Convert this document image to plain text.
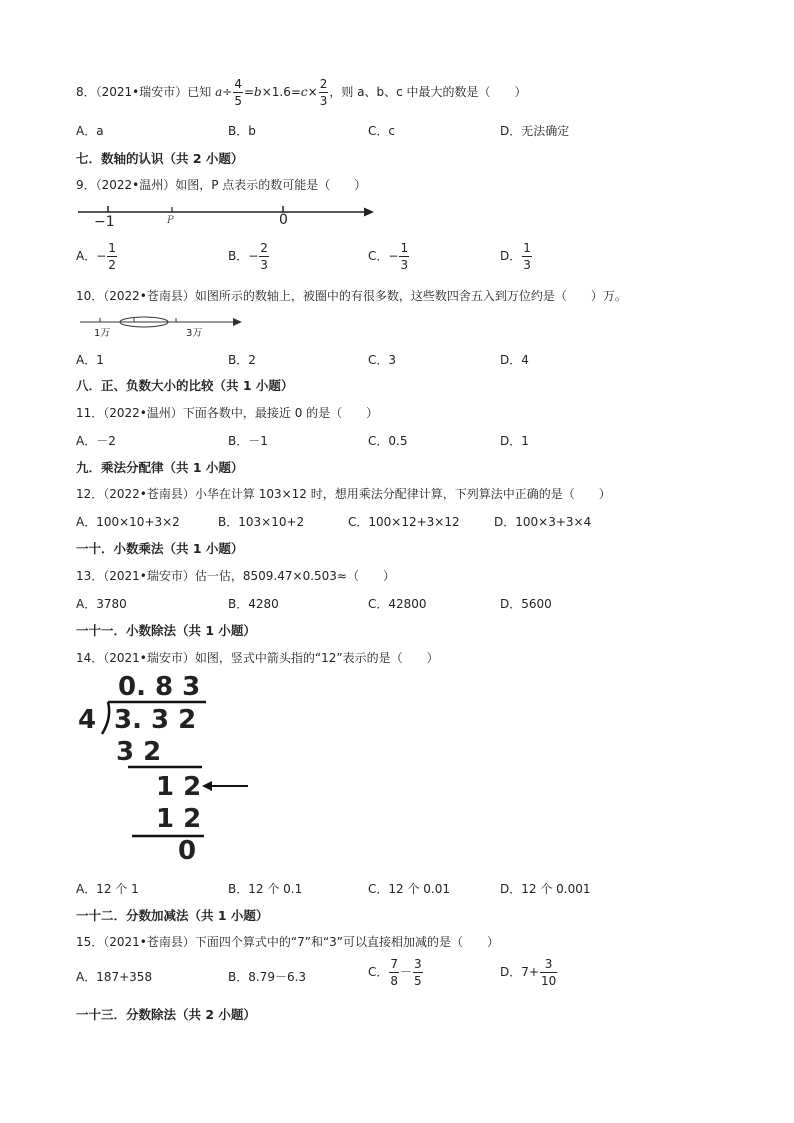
8．（2021•瑞安市）已知 $a\div \frac{4}{5} =b\times 1.6=c\times \frac{2}{3}$ ，则 a、b、c 中最大的数是（　　）
A．a	B．b	C．c	D．无法确定
七．数轴的认识（共 2 小题）
9．（2022•温州）如图，P 点表示的数可能是（　　）
−1	P	0
A．− $\frac{1}{2}$	B．− $\frac{2}{3}$	C．− $\frac{1}{3}$	D． $\frac{1}{3}$
10．（2022•苍南县）如图所示的数轴上，被圈中的有很多数，这些数四舍五入到万位约是（　　）万。
1万	3万
A．1	B．2	C．3	D．4
八．正、负数大小的比较（共 1 小题）
11．（2022•温州）下面各数中，最接近 0 的是（　　）
A．－2	B．－1	C．0.5	D．1
九．乘法分配律（共 1 小题）
12．（2022•苍南县）小华在计算 103×12 时，想用乘法分配律计算，下列算法中正确的是（　　）
A．100×10+3×2	B．103×10+2	C．100×12+3×12	D．100×3+3×4
一十．小数乘法（共 1 小题）
13．（2021•瑞安市）估一估，8509.47×0.503≈（　　）
A．3780	B．4280	C．42800	D．5600
一十一．小数除法（共 1 小题）
14．（2021•瑞安市）如图，竖式中箭头指的“12”表示的是（　　）
0. 8 3
4 3. 3 2
3 2
1 2
1 2
0
A．12 个 1	B．12 个 0.1	C．12 个 0.01	D．12 个 0.001
一十二．分数加减法（共 1 小题）
15．（2021•苍南县）下面四个算式中的“7”和“3”可以直接相加减的是（　　）
A．187+358	B．8.79－6.3	C． $\frac{7}{8} - \frac{3}{5}$	D．$7+ \frac{3}{10}$
一十三．分数除法（共 2 小题）
